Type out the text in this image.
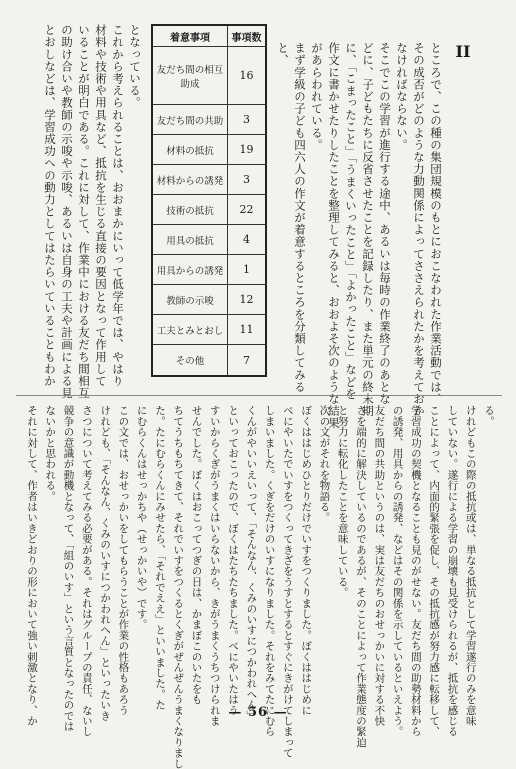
II
ところで、この種の集団規模のもとにおこなわれた作業活動では、
その成否がどのような力動関係によってささえられたかを考えておか
なければならない。
そこでこの学習が進行する途中、あるいは毎時の作業終了のあとな
どに、子どもたちに反省させたことを記録したり、また単元の終末期
に、「こまったこと」「うまくいったこと」「よかったこと」などを
作文に書かせたりしたことを整理してみると、おおよそ次のような結果
があらわれている。
まず学級の子ども四六人の作文が着意するところを分類してみる
と、
着意事項	事項数
友だち間の相互助成	16
友だち間の共助	3
材料の抵抗	19
材料からの誘発	3
技術の抵抗	22
用具の抵抗	4
用具からの誘発	1
教師の示唆	12
工夫とみとおし	11
その他	7
となっている。
これから考えられることは、おおまかにいって低学年では、やはり
材料や技術や用具など、抵抗を生じる直接の要因となって作用して
いることが明白である。これに対して、作業中における友だち間相互
の助け合いや教師の示唆や示唆、あるいは自身の工夫や計画による見
とおしなどは、学習成功への動力としてはたらいていることもわか
る。
けれどもこの際の抵抗或は、単なる抵抗として学習遂行のみを意味
していない。遂行による学習の崩壊も見受けられるが、抵抗を感じる
ことによって、内面的緊張を促し、その抵抗感が努力感に転移して、
学習成功の契機となることも見のがせない。友だち間の助勢材料から
の誘発、用具からの誘発、などはその関係を示しているといえよう。
友だち間の共助というのは、実は友だちのおせっかいに対する不快
さを端的に解決しているのであるが、そのことによって作業態度の緊迫
と努力に転化したことを意味している。
次の文がそれを物語る。
ぼくははじめひとりだけでいすをつくりました。ぼくははじめに
べにやいたでいすをつくってきざをうすとするとすぐにきがけてしまって
しまいました。くぎをだけのいすになりました。それをみてたにむら
くんがやいいえいって、「そんなん、くみのいすにつかわれへん」
といっておこったので、ぼくはたちたちました。べにやいたはう
すいからくぎがうまくはいらないから、きがうまくうちつけられま
せんでした。ぼくはおこってつぎの日は、かまぼこのいたをも
ちてうちもちてきて、それでいすをつくるとくぎがぜんぜんうまくなりまし
た。たにむらくんにみせたら、「それでええ」といいました。た
にむらくんはせっかちや（せっかいや）です。
この文では、おせっかいをしてもらうことが作業の性格もあろう
けれども、「そんなん、くみのいすにつかわれへん」といったいき
さつについて考えてみる必要がある。それはグループの責任、ないし
競争の意識が動機となって、「組のいす」という言質となったのでは
ないかと思われる。
それに対して、作者はいきどおりの形において強い刺激となり、か	— 56 —
